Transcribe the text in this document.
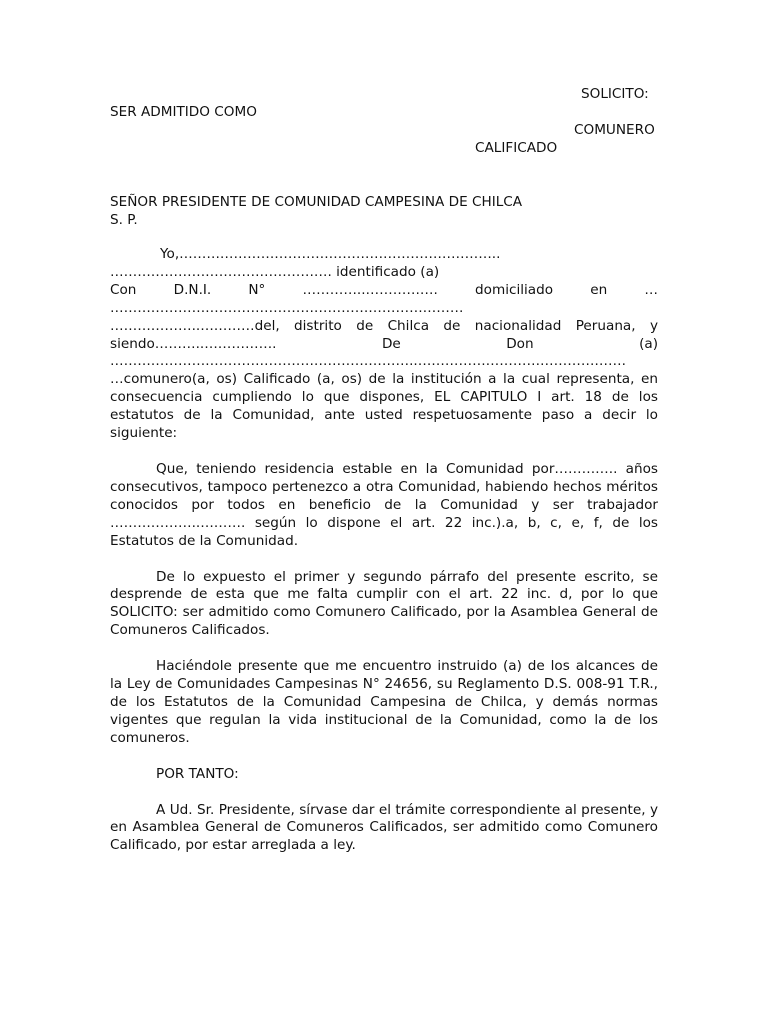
SOLICITO:
SER ADMITIDO COMO
COMUNERO
CALIFICADO
SEÑOR PRESIDENTE DE COMUNIDAD CAMPESINA DE CHILCA
S. P.

Yo,……………………………………………………………..

…………………………………………. identificado (a)

Con	D.N.I.	N°	…………..…………….	domiciliado	en	…

……………………………………………………………………

………………..…………del, distrito de Chilca de nacionalidad Peruana, y

siendo………..…………….	De	Don	(a)

…………………………………………………………..……………………………………….

…comunero(a, os) Calificado (a, os) de la institución a la cual representa, en consecuencia cumpliendo lo que dispones, EL CAPITULO I art. 18 de los estatutos de la Comunidad, ante usted respetuosamente paso a decir lo siguiente:

Que, teniendo residencia estable en la Comunidad por………….. años consecutivos, tampoco pertenezco a otra Comunidad, habiendo hechos méritos conocidos por todos en beneficio de la Comunidad y ser trabajador ………………..………. según lo dispone el art. 22 inc.).a, b, c, e, f, de los Estatutos de la Comunidad.

De lo expuesto el primer y segundo párrafo del presente escrito, se desprende de esta que me falta cumplir con el art. 22 inc. d, por lo que SOLICITO: ser admitido como Comunero Calificado, por la Asamblea General de Comuneros Calificados.

Haciéndole presente que me encuentro instruido (a) de los alcances de la Ley de Comunidades Campesinas N° 24656, su Reglamento D.S. 008-91 T.R., de los Estatutos de la Comunidad Campesina de Chilca, y demás normas vigentes que regulan la vida institucional de la Comunidad, como la de los comuneros.

POR TANTO:

A Ud. Sr. Presidente, sírvase dar el trámite correspondiente al presente, y en Asamblea General de Comuneros Calificados, ser admitido como Comunero Calificado, por estar arreglada a ley.
